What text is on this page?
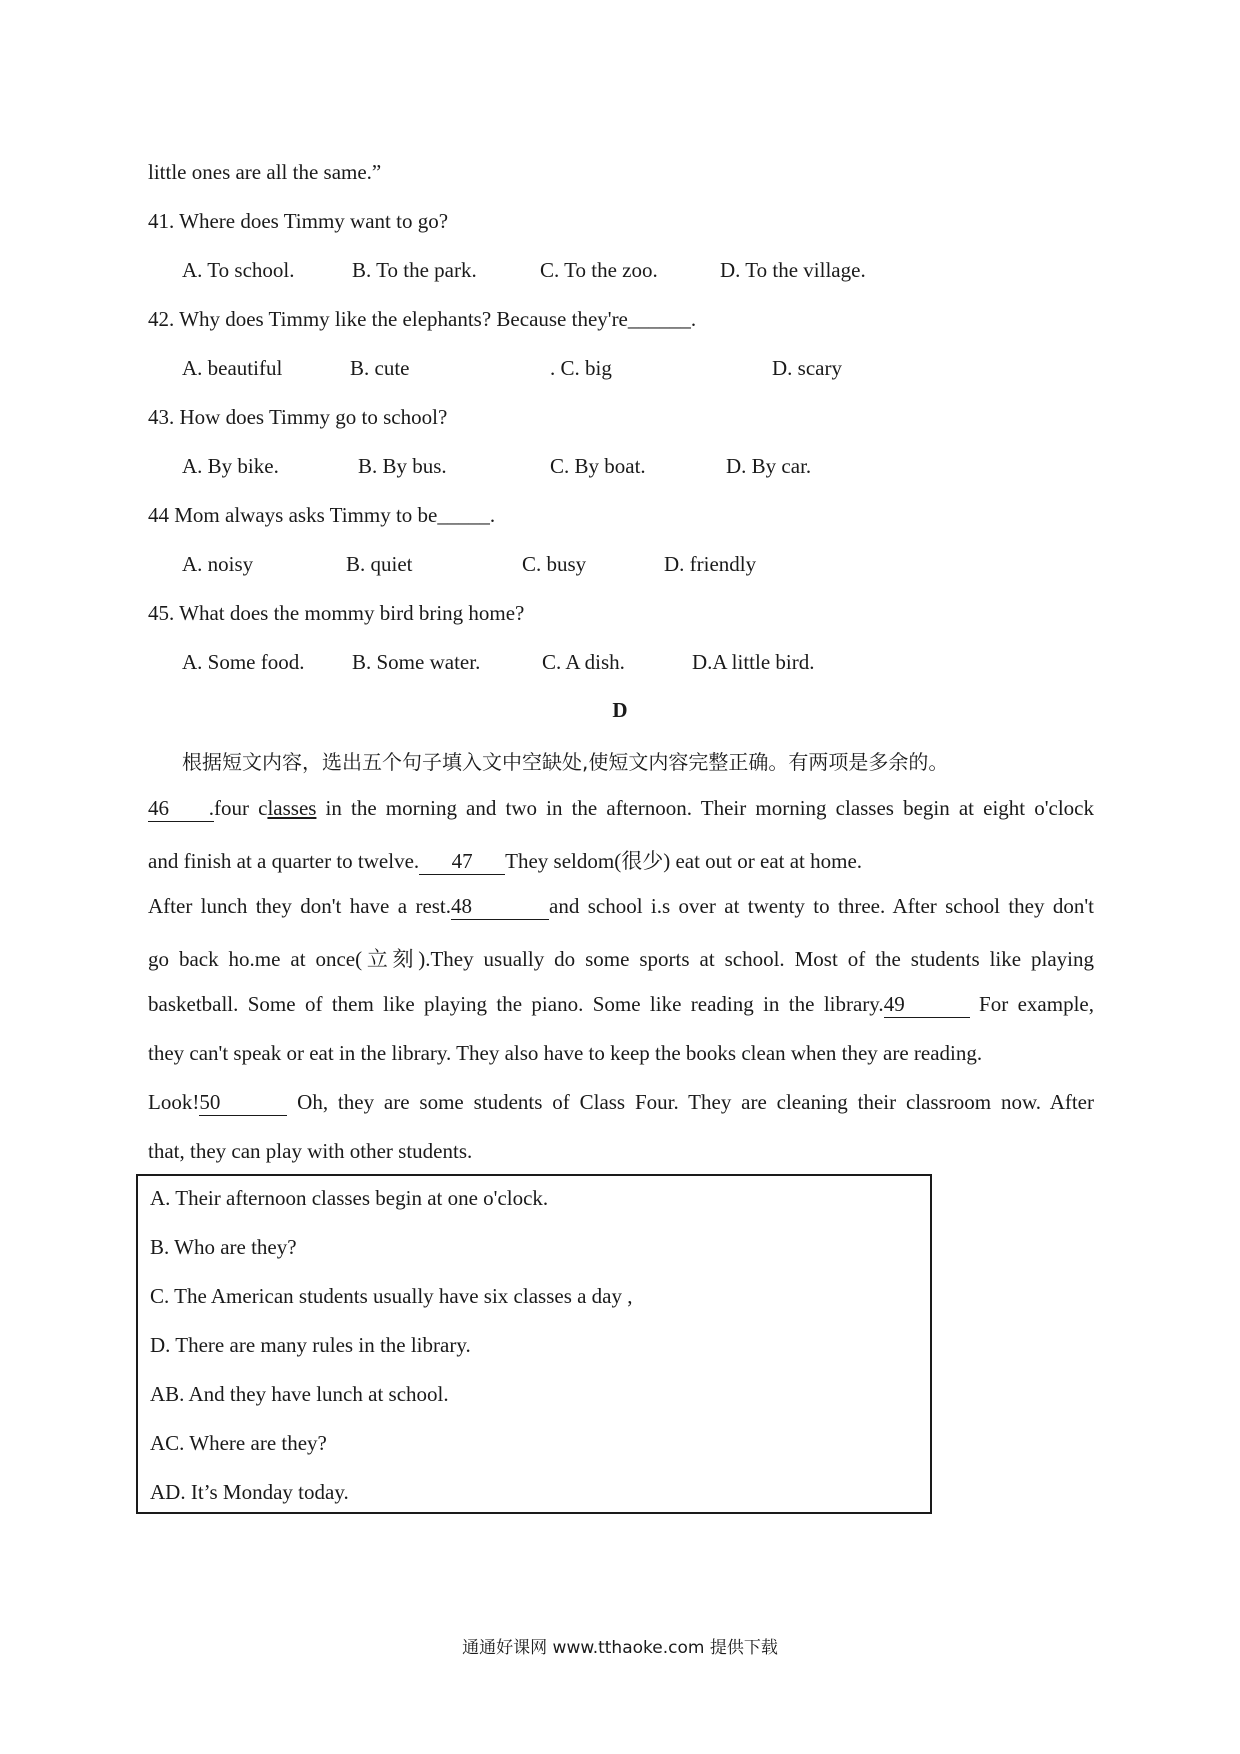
little ones are all the same.”
41. Where does Timmy want to go?
A. To school.	B. To the park.	C. To the zoo.	D. To the village.
42. Why does Timmy like the elephants? Because they're______.
A. beautiful	B. cute	. C. big	D. scary
43. How does Timmy go to school?
A. By bike.	B. By bus.	C. By boat.	D. By car.
44 Mom always asks Timmy to be_____.
A. noisy	B. quiet	C. busy	D. friendly
45. What does the mommy bird bring home?
A. Some food. B. Some water.	C. A dish.	D.A little bird.
D
根据短文内容，选出五个句子填入文中空缺处,使短文内容完整正确。有两项是多余的。
46 .four classes in the morning and two in the afternoon. Their morning classes begin at eight o'clock
and finish at a quarter to twelve. 47 They seldom(很少) eat out or eat at home.
After lunch they don't have a rest.48	and school i.s over at twenty to three. After school they don't
go back ho.me at once(立刻).They usually do some sports at school. Most of the students like playing
basketball. Some of them like playing the piano. Some like reading in the library.49	For example,
they can't speak or eat in the library. They also have to keep the books clean when they are reading.
Look!50	Oh, they are some students of Class Four. They are cleaning their classroom now. After
that, they can play with other students.
A. Their afternoon classes begin at one o'clock.
B. Who are they?
C. The American students usually have six classes a day ,
D. There are many rules in the library.
AB. And they have lunch at school.
AC. Where are they?
AD. It’s Monday today.
通通好课网 www.tthaoke.com 提供下载
